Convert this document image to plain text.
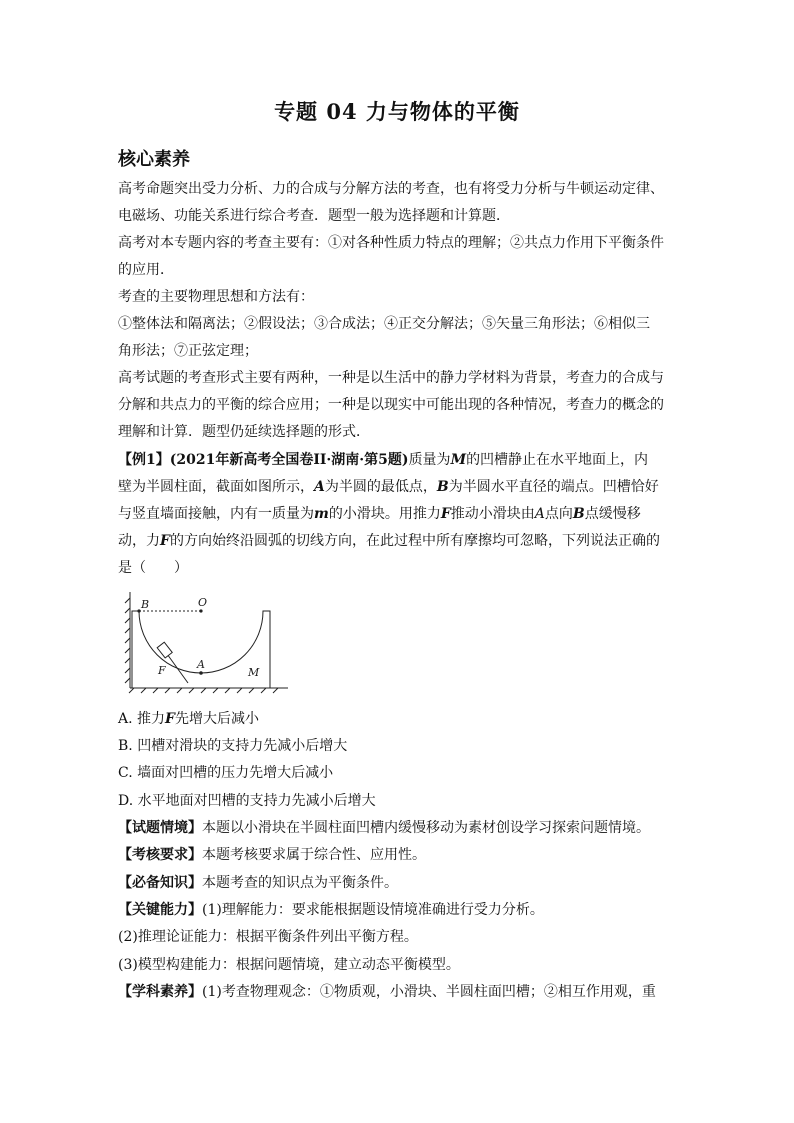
专题 04 力与物体的平衡
核心素养
高考命题突出受力分析、力的合成与分解方法的考查，也有将受力分析与牛顿运动定律、
电磁场、功能关系进行综合考查．题型一般为选择题和计算题．
高考对本专题内容的考查主要有：①对各种性质力特点的理解；②共点力作用下平衡条件
的应用．
考查的主要物理思想和方法有：
①整体法和隔离法；②假设法；③合成法；④正交分解法；⑤矢量三角形法；⑥相似三
角形法；⑦正弦定理；
高考试题的考查形式主要有两种，一种是以生活中的静力学材料为背景，考查力的合成与
分解和共点力的平衡的综合应用；一种是以现实中可能出现的各种情况，考查力的概念的
理解和计算．题型仍延续选择题的形式．
【例1】(2021年新高考全国卷II·湖南·第5题)质量为M的凹槽静止在水平地面上，内
壁为半圆柱面，截面如图所示，A为半圆的最低点，B为半圆水平直径的端点。凹槽恰好
与竖直墙面接触，内有一质量为m的小滑块。用推力F推动小滑块由A点向B点缓慢移
动，力F的方向始终沿圆弧的切线方向，在此过程中所有摩擦均可忽略，下列说法正确的
是（　　）
B	O
A
F	M
A. 推力F先增大后减小
B. 凹槽对滑块的支持力先减小后增大
C. 墙面对凹槽的压力先增大后减小
D. 水平地面对凹槽的支持力先减小后增大
【试题情境】本题以小滑块在半圆柱面凹槽内缓慢移动为素材创设学习探索问题情境。
【考核要求】本题考核要求属于综合性、应用性。
【必备知识】本题考查的知识点为平衡条件。
【关键能力】(1)理解能力：要求能根据题设情境准确进行受力分析。
(2)推理论证能力：根据平衡条件列出平衡方程。
(3)模型构建能力：根据问题情境，建立动态平衡模型。
【学科素养】(1)考查物理观念：①物质观，小滑块、半圆柱面凹槽；②相互作用观，重
